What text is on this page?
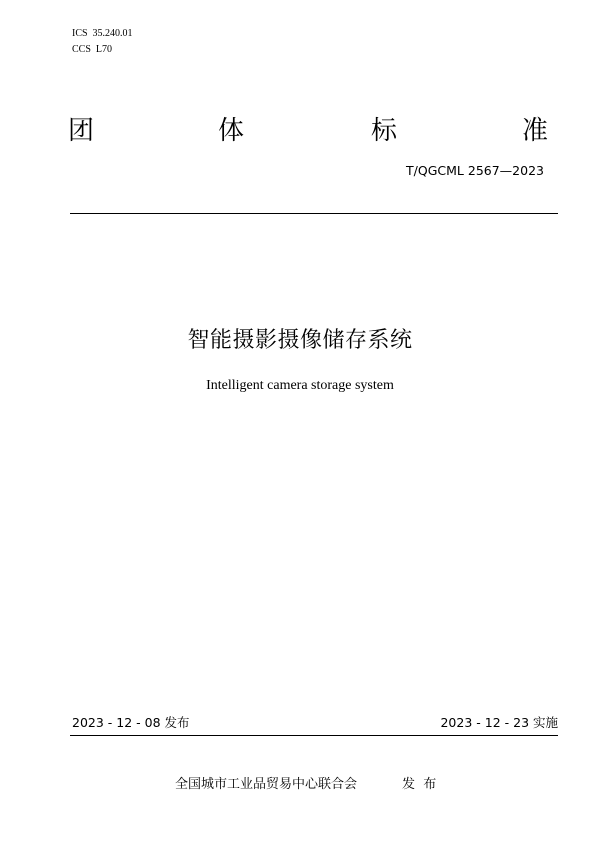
ICS  35.240.01
CCS  L70
团	体	标	准
T/QGCML 2567—2023
智能摄影摄像储存系统
Intelligent camera storage system
2023 - 12 - 08 发布	2023 - 12 - 23 实施
全国城市工业品贸易中心联合会	发  布
